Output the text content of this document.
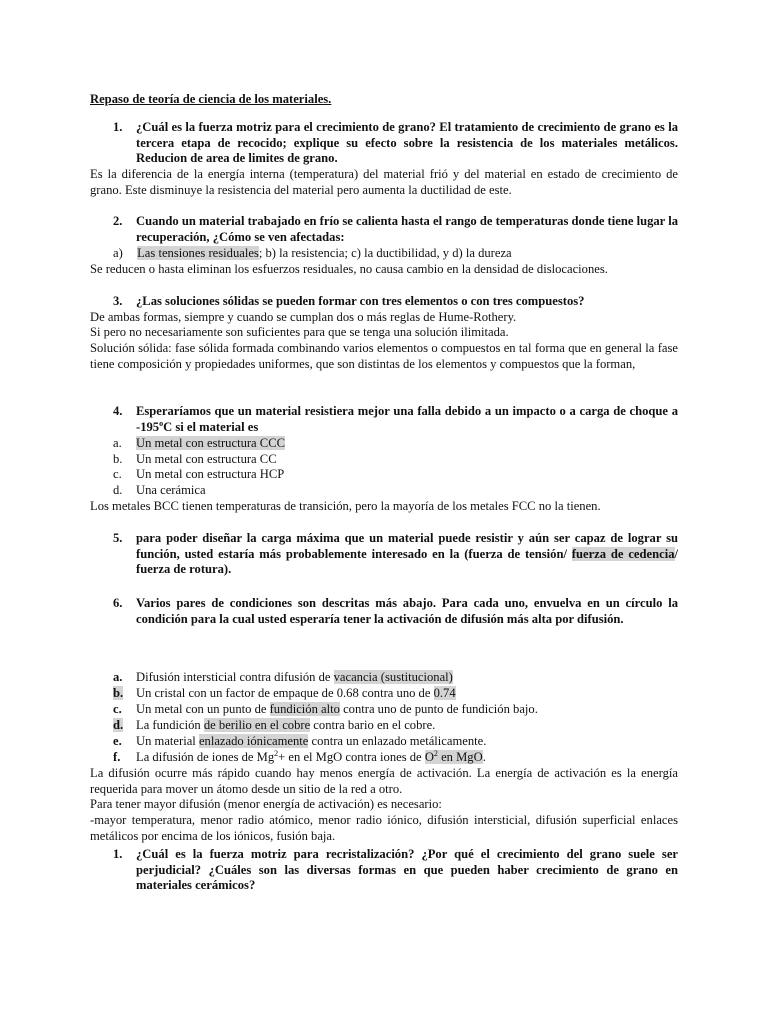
Repaso de teoría de ciencia de los materiales.
1. ¿Cuál es la fuerza motriz para el crecimiento de grano? El tratamiento de crecimiento de grano es la tercera etapa de recocido; explique su efecto sobre la resistencia de los materiales metálicos. Reducion de area de limites de grano.

Es la diferencia de la energía interna (temperatura) del material frió y del material en estado de crecimiento de grano. Este disminuye la resistencia del material pero aumenta la ductilidad de este.

2. Cuando un material trabajado en frío se calienta hasta el rango de temperaturas donde tiene lugar la recuperación, ¿Cómo se ven afectadas:

a) Las tensiones residuales; b) la resistencia; c) la ductibilidad, y d) la dureza

Se reducen o hasta eliminan los esfuerzos residuales, no causa cambio en la densidad de dislocaciones.

3. ¿Las soluciones sólidas se pueden formar con tres elementos o con tres compuestos?

De ambas formas, siempre y cuando se cumplan dos o más reglas de Hume-Rothery.

Si pero no necesariamente son suficientes para que se tenga una solución ilimitada.

Solución sólida: fase sólida formada combinando varios elementos o compuestos en tal forma que en general la fase tiene composición y propiedades uniformes, que son distintas de los elementos y compuestos que la forman,

4. Esperaríamos que un material resistiera mejor una falla debido a un impacto o a carga de choque a -195$^o$C si el material es

a. Un metal con estructura CCC
b. Un metal con estructura CC
c. Un metal con estructura HCP
d. Una cerámica

Los metales BCC tienen temperaturas de transición, pero la mayoría de los metales FCC no la tienen.

5. para poder diseñar la carga máxima que un material puede resistir y aún ser capaz de lograr su función, usted estaría más probablemente interesado en la (fuerza de tensión/ fuerza de cedencia/ fuerza de rotura).

6. Varios pares de condiciones son descritas más abajo. Para cada uno, envuelva en un círculo la condición para la cual usted esperaría tener la activación de difusión más alta por difusión.

a. Difusión intersticial contra difusión de vacancia (sustitucional)
b. Un cristal con un factor de empaque de 0.68 contra uno de 0.74
c. Un metal con un punto de fundición alto contra uno de punto de fundición bajo.
d. La fundición de berilio en el cobre contra bario en el cobre.
e. Un material enlazado iónicamente contra un enlazado metálicamente.
f. La difusión de iones de $Mg^2+$ en el MgO contra iones de $O^2$ en MgO.

La difusión ocurre más rápido cuando hay menos energía de activación. La energía de activación es la energía requerida para mover un átomo desde un sitio de la red a otro.

Para tener mayor difusión (menor energía de activación) es necesario:

-mayor temperatura, menor radio atómico, menor radio iónico, difusión intersticial, difusión superficial enlaces metálicos por encima de los iónicos, fusión baja.

1. ¿Cuál es la fuerza motriz para recristalización? ¿Por qué el crecimiento del grano suele ser perjudicial? ¿Cuáles son las diversas formas en que pueden haber crecimiento de grano en materiales cerámicos?
